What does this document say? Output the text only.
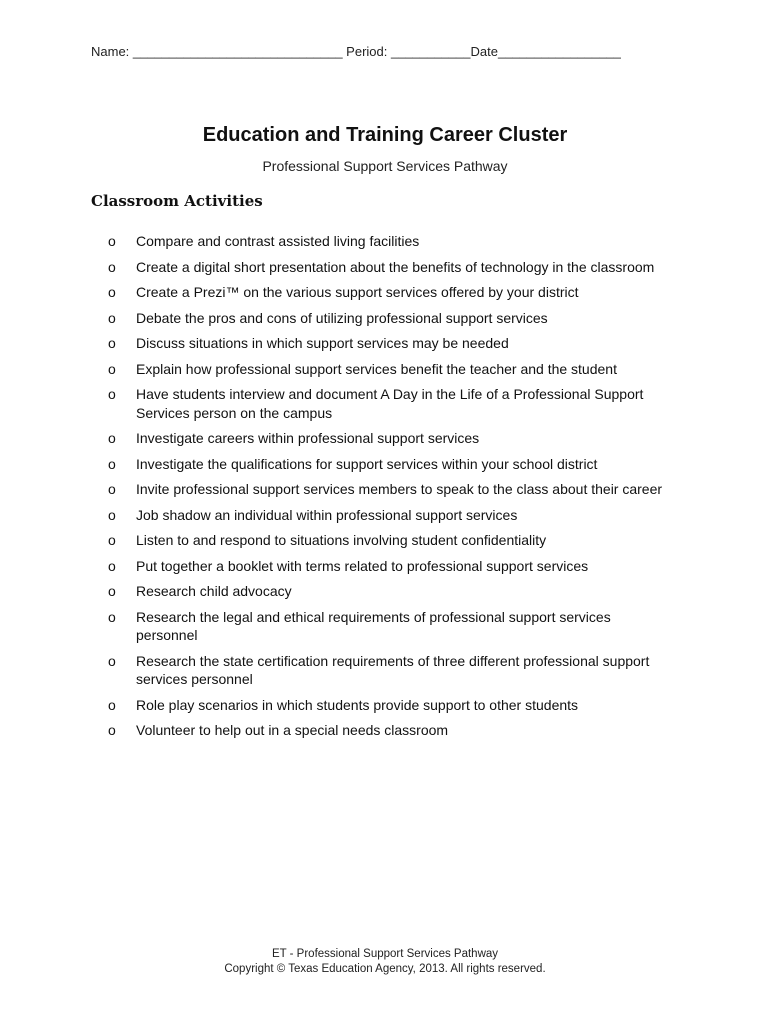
Name: _____________________________ Period: ___________Date_________________
Education and Training Career Cluster
Professional Support Services Pathway
Classroom Activities
o Compare and contrast assisted living facilities
o Create a digital short presentation about the benefits of technology in the classroom
o Create a Prezi™ on the various support services offered by your district
o Debate the pros and cons of utilizing professional support services
o Discuss situations in which support services may be needed
o Explain how professional support services benefit the teacher and the student
o Have students interview and document A Day in the Life of a Professional Support Services person on the campus
o Investigate careers within professional support services
o Investigate the qualifications for support services within your school district
o Invite professional support services members to speak to the class about their career
o Job shadow an individual within professional support services
o Listen to and respond to situations involving student confidentiality
o Put together a booklet with terms related to professional support services
o Research child advocacy
o Research the legal and ethical requirements of professional support services personnel
o Research the state certification requirements of three different professional support services personnel
o Role play scenarios in which students provide support to other students
o Volunteer to help out in a special needs classroom
ET - Professional Support Services Pathway
Copyright © Texas Education Agency, 2013. All rights reserved.
